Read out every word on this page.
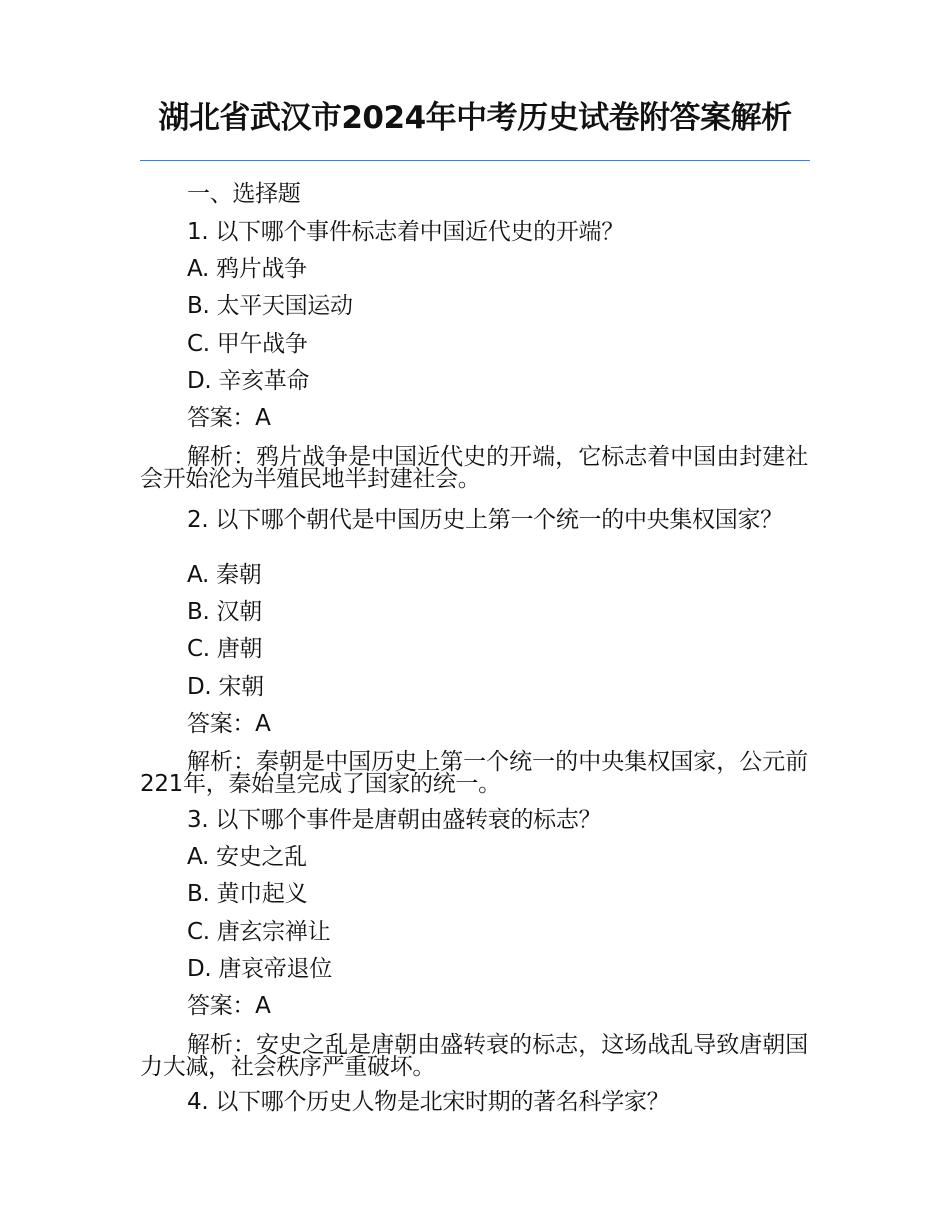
湖北省武汉市2024年中考历史试卷附答案解析
一、选择题
1. 以下哪个事件标志着中国近代史的开端？
A. 鸦片战争
B. 太平天国运动
C. 甲午战争
D. 辛亥革命
答案：A
解析：鸦片战争是中国近代史的开端，它标志着中国由封建社会开始沦为半殖民地半封建社会。
2. 以下哪个朝代是中国历史上第一个统一的中央集权国家？
A. 秦朝
B. 汉朝
C. 唐朝
D. 宋朝
答案：A
解析：秦朝是中国历史上第一个统一的中央集权国家，公元前221年，秦始皇完成了国家的统一。
3. 以下哪个事件是唐朝由盛转衰的标志？
A. 安史之乱
B. 黄巾起义
C. 唐玄宗禅让
D. 唐哀帝退位
答案：A
解析：安史之乱是唐朝由盛转衰的标志，这场战乱导致唐朝国力大减，社会秩序严重破坏。
4. 以下哪个历史人物是北宋时期的著名科学家？
